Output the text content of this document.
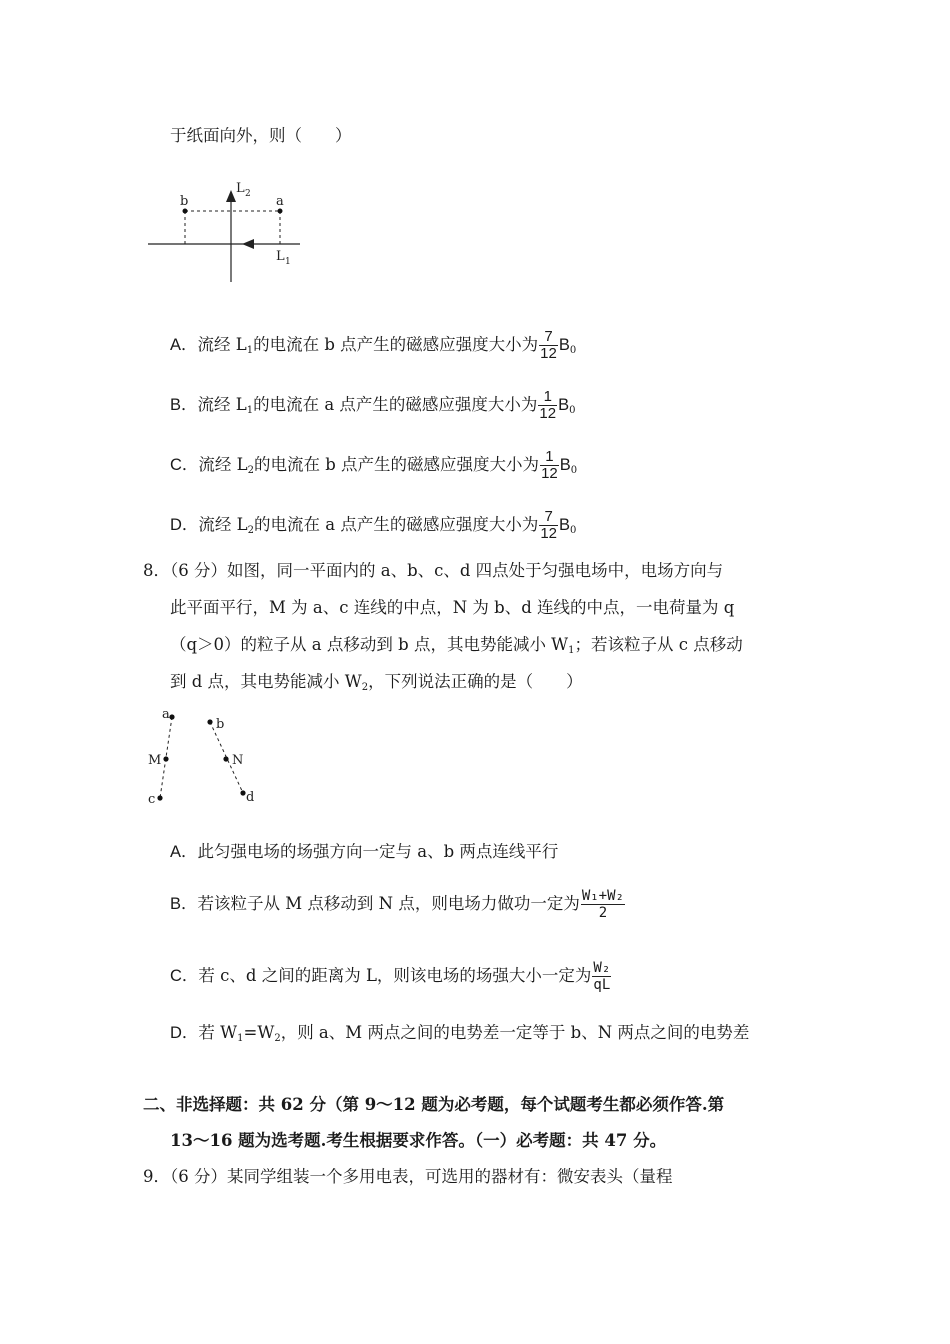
于纸面向外，则（　　）
b	a
L 2
L 1
A．流经 $L_1$的电流在 b 点产生的磁感应强度大小为 $\frac{7}{12} B_0$
B．流经 $L_1$的电流在 a 点产生的磁感应强度大小为 $\frac{1}{12} B_0$
C．流经 $L_2$的电流在 b 点产生的磁感应强度大小为 $\frac{1}{12} B_0$
D．流经 $L_2$的电流在 a 点产生的磁感应强度大小为 $\frac{7}{12} B_0$
8．（6 分）如图，同一平面内的 a、b、c、d 四点处于匀强电场中，电场方向与
此平面平行，M 为 a、c 连线的中点，N 为 b、d 连线的中点，一电荷量为 q
（q＞0）的粒子从 a 点移动到 b 点，其电势能减小 $W_1$；若该粒子从 c 点移动
到 d 点，其电势能减小 $W_2$，下列说法正确的是（　　）
a
M
c
b
N
d
A．此匀强电场的场强方向一定与 a、b 两点连线平行
B．若该粒子从 M 点移动到 N 点，则电场力做功一定为 $\frac{\text{W₁+W₂}}{2}$
C．若 c、d 之间的距离为 L，则该电场的场强大小一定为 $\frac{\text{W₂}}{qL}$
D．若 $W_1=W_2$，则 a、M 两点之间的电势差一定等于 b、N 两点之间的电势差
二、非选择题：共 62 分（第 9～12 题为必考题，每个试题考生都必须作答.第
13～16 题为选考题.考生根据要求作答。（一）必考题：共 47 分。
9．（6 分）某同学组装一个多用电表，可选用的器材有：微安表头（量程
